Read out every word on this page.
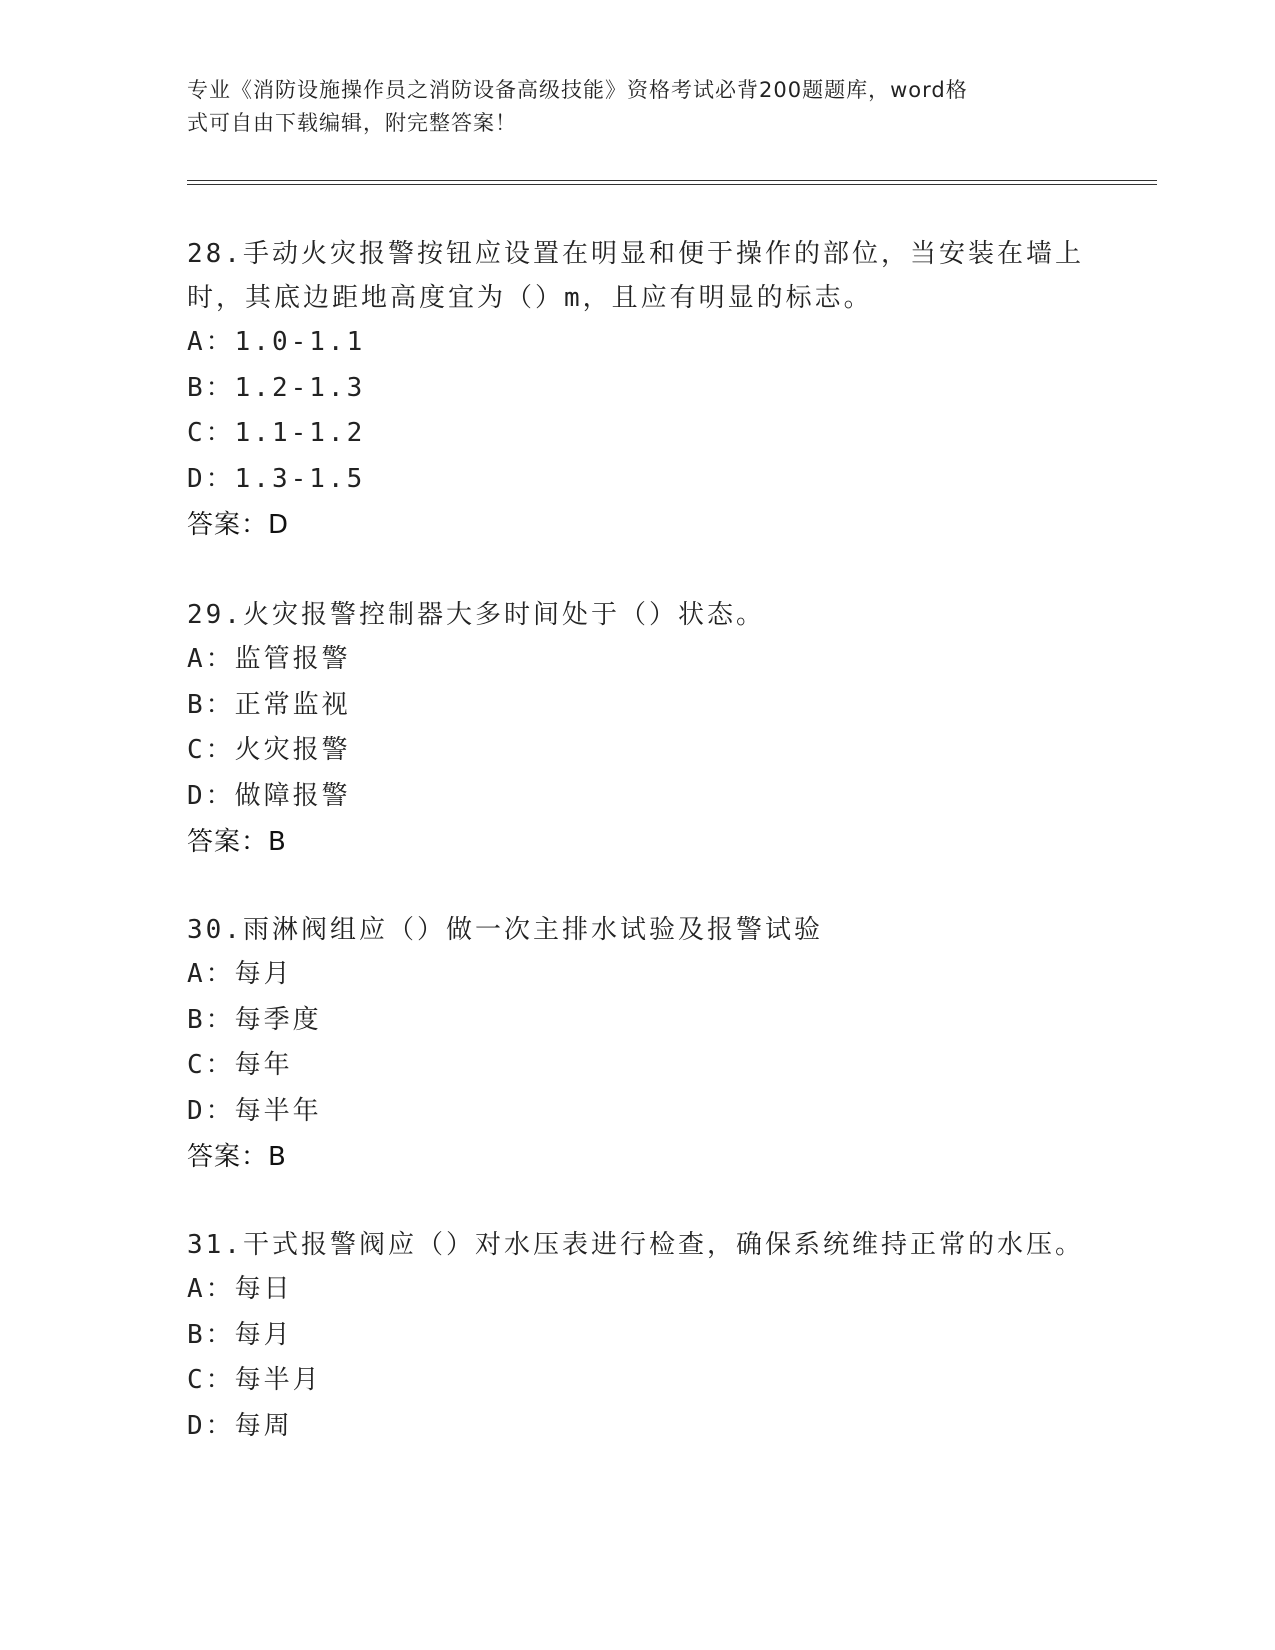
专业《消防设施操作员之消防设备高级技能》资格考试必背200题题库，word格
式可自由下载编辑，附完整答案！
28.手动火灾报警按钮应设置在明显和便于操作的部位，当安装在墙上
时，其底边距地高度宜为（）m，且应有明显的标志。
A：1.0-1.1
B：1.2-1.3
C：1.1-1.2
D：1.3-1.5
答案：D
29.火灾报警控制器大多时间处于（）状态。
A：监管报警
B：正常监视
C：火灾报警
D：做障报警
答案：B
30.雨淋阀组应（）做一次主排水试验及报警试验
A：每月
B：每季度
C：每年
D：每半年
答案：B
31.干式报警阀应（）对水压表进行检查，确保系统维持正常的水压。
A：每日
B：每月
C：每半月
D：每周
